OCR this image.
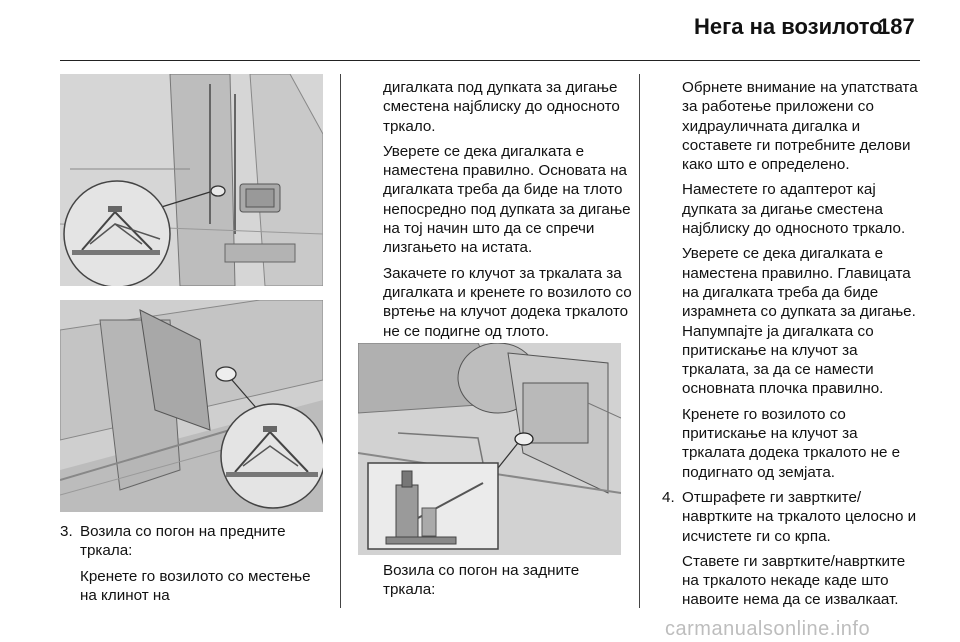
Нега на возилото
187
3. Возила со погон на предните тркала:

Кренете го возилото со местење на клинот на

дигалката под дупката за дигање сместена најблиску до односното тркало.

Уверете се дека дигалката е наместена правилно. Основата на дигалката треба да биде на тлото непосредно под дупката за дигање на тој начин што да се спречи лизгањето на истата.

Закачете го клучот за тркалата за дигалката и кренете го возилото со вртење на клучот додека тркалото не се подигне од тлото.

Возила со погон на задните тркала:

Обрнете внимание на упатствата за работење приложени со хидрауличната дигалка и составете ги потребните делови како што е определено.

Наместете го адаптерот кај дупката за дигање сместена најблиску до односното тркало.

Уверете се дека дигалката е наместена правилно. Главицата на дигалката треба да биде израмнета со дупката за дигање. Напумпајте ја дигалката со притискање на клучот за тркалата, за да се намести основната плочка правилно.

Кренете го возилото со притискање на клучот за тркалата додека тркалото не е подигнато од земјата.

4. Отшрафете ги завртките/ навртките на тркалото целосно и исчистете ги со крпа.

Ставете ги завртките/навртките на тркалото некаде каде што навоите нема да се извалкаат.

carmanualsonline.info
